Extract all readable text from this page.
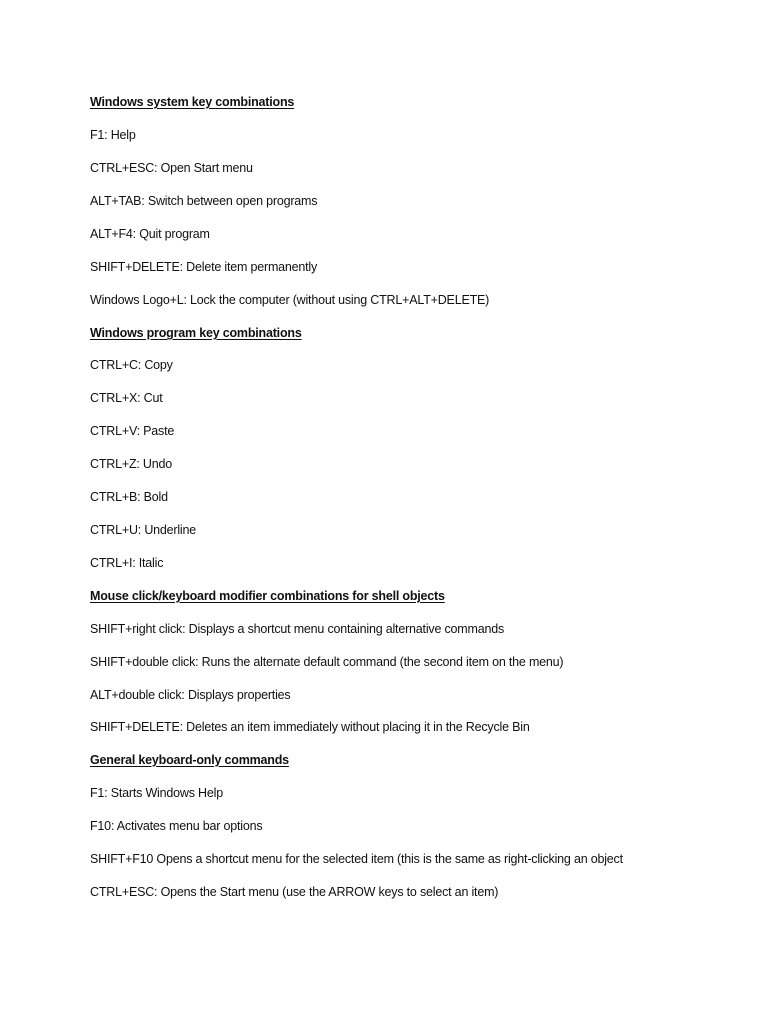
Windows system key combinations

F1: Help

CTRL+ESC: Open Start menu

ALT+TAB: Switch between open programs

ALT+F4: Quit program

SHIFT+DELETE: Delete item permanently

Windows Logo+L: Lock the computer (without using CTRL+ALT+DELETE)

Windows program key combinations

CTRL+C: Copy

CTRL+X: Cut

CTRL+V: Paste

CTRL+Z: Undo

CTRL+B: Bold

CTRL+U: Underline

CTRL+I: Italic

Mouse click/keyboard modifier combinations for shell objects

SHIFT+right click: Displays a shortcut menu containing alternative commands

SHIFT+double click: Runs the alternate default command (the second item on the menu)

ALT+double click: Displays properties

SHIFT+DELETE: Deletes an item immediately without placing it in the Recycle Bin

General keyboard-only commands

F1: Starts Windows Help

F10: Activates menu bar options

SHIFT+F10 Opens a shortcut menu for the selected item (this is the same as right-clicking an object

CTRL+ESC: Opens the Start menu (use the ARROW keys to select an item)
